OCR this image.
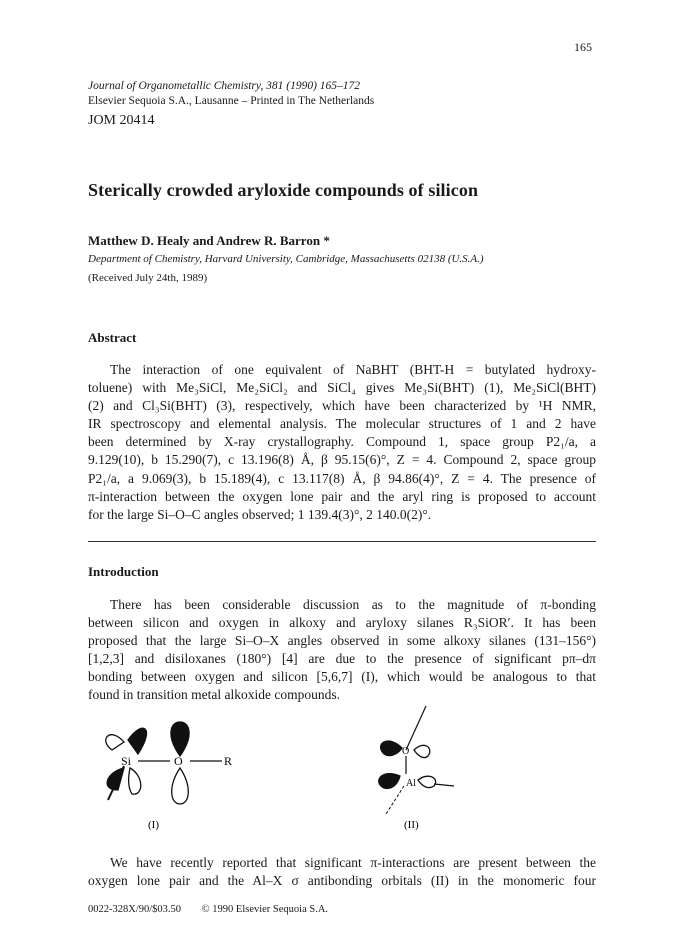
165
Journal of Organometallic Chemistry, 381 (1990) 165–172
Elsevier Sequoia S.A., Lausanne – Printed in The Netherlands
JOM 20414
Sterically crowded aryloxide compounds of silicon
Matthew D. Healy and Andrew R. Barron *
Department of Chemistry, Harvard University, Cambridge, Massachusetts 02138 (U.S.A.)
(Received July 24th, 1989)
Abstract
The interaction of one equivalent of NaBHT (BHT-H = butylated hydroxy-
toluene) with Me₃SiCl, Me₂SiCl₂ and SiCl₄ gives Me₃Si(BHT) (1), Me₂SiCl(BHT)
(2) and Cl₃Si(BHT) (3), respectively, which have been characterized by ¹H NMR,
IR spectroscopy and elemental analysis. The molecular structures of 1 and 2 have
been determined by X-ray crystallography. Compound 1, space group P2₁/a, a
9.129(10), b 15.290(7), c 13.196(8) Å, β 95.15(6)°, Z = 4. Compound 2, space group
P2₁/a, a 9.069(3), b 15.189(4), c 13.117(8) Å, β 94.86(4)°, Z = 4. The presence of
π-interaction between the oxygen lone pair and the aryl ring is proposed to account
for the large Si–O–C angles observed; 1 139.4(3)°, 2 140.0(2)°.
Introduction
There has been considerable discussion as to the magnitude of π-bonding
between silicon and oxygen in alkoxy and aryloxy silanes R₃SiOR′. It has been
proposed that the large Si–O–X angles observed in some alkoxy silanes (131–156°)
[1,2,3] and disiloxanes (180°) [4] are due to the presence of significant pπ–dπ
bonding between oxygen and silicon [5,6,7] (I), which would be analogous to that
found in transition metal alkoxide compounds.
Si	O	R
(I)
O
Al
(II)
We have recently reported that significant π-interactions are present between the
oxygen lone pair and the Al–X σ antibonding orbitals (II) in the monomeric four
0022-328X/90/$03.50 © 1990 Elsevier Sequoia S.A.
